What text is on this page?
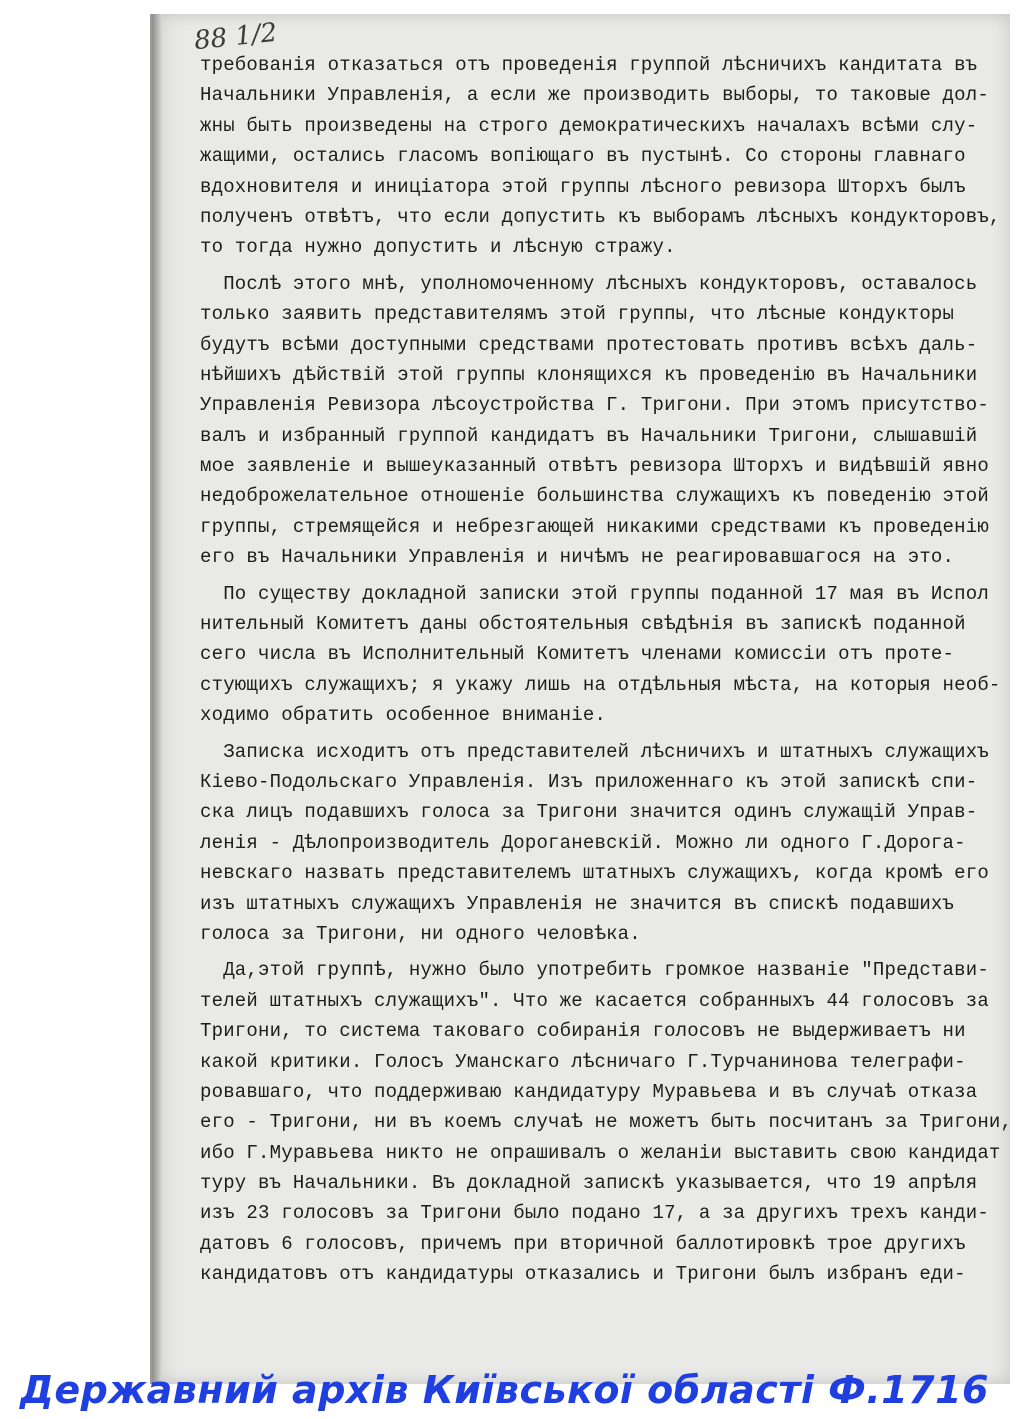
88 1/2
требованія отказаться отъ проведенія группой лѣсничихъ кандитата въ
Начальники Управленія, а если же производить выборы, то таковые дол-
жны быть произведены на строго демократическихъ началахъ всѣми слу-
жащими, остались гласомъ вопіющаго въ пустынѣ. Со стороны главнаго
вдохновителя и иниціатора этой группы лѣсного ревизора Шторхъ былъ
полученъ отвѣтъ, что если допустить къ выборамъ лѣсныхъ кондукторовъ,
то тогда нужно допустить и лѣсную стражу.
Послѣ этого мнѣ, уполномоченному лѣсныхъ кондукторовъ, оставалось
только заявить представителямъ этой группы, что лѣсные кондукторы
будутъ всѣми доступными средствами протестовать противъ всѣхъ даль-
нѣйшихъ дѣйствій этой группы клонящихся къ проведенію въ Начальники
Управленія Ревизора лѣсоустройства Г. Тригони. При этомъ присутство-
валъ и избранный группой кандидатъ въ Начальники Тригони, слышавшій
мое заявленіе и вышеуказанный отвѣтъ ревизора Шторхъ и видѣвшій явно
недоброжелательное отношеніе большинства служащихъ къ поведенію этой
группы, стремящейся и небрезгающей никакими средствами къ проведенію
его въ Начальники Управленія и ничѣмъ не реагировавшагося на это.
По существу докладной записки этой группы поданной 17 мая въ Испол
нительный Комитетъ даны обстоятельныя свѣдѣнія въ запискѣ поданной
сего числа въ Исполнительный Комитетъ членами комиссіи отъ проте-
стующихъ служащихъ; я укажу лишь на отдѣльныя мѣста, на которыя необ-
ходимо обратить особенное вниманіе.
Записка исходитъ отъ представителей лѣсничихъ и штатныхъ служащихъ
Кіево-Подольскаго Управленія. Изъ приложеннаго къ этой запискѣ спи-
ска лицъ подавшихъ голоса за Тригони значится одинъ служащій Управ-
ленія - Дѣлопроизводитель Дороганевскій. Можно ли одного Г.Дорога-
невскаго назвать представителемъ штатныхъ служащихъ, когда кромѣ его
изъ штатныхъ служащихъ Управленія не значится въ спискѣ подавшихъ
голоса за Тригони, ни одного человѣка.
Да,этой группѣ, нужно было употребить громкое названіе "Представи-
телей штатныхъ служащихъ". Что же касается собранныхъ 44 голосовъ за
Тригони, то система таковаго собиранія голосовъ не выдерживаетъ ни
какой критики. Голосъ Уманскаго лѣсничаго Г.Турчанинова телеграфи-
ровавшаго, что поддерживаю кандидатуру Муравьева и въ случаѣ отказа
его - Тригони, ни въ коемъ случаѣ не можетъ быть посчитанъ за Тригони,
ибо Г.Муравьева никто не опрашивалъ о желаніи выставить свою кандидат
туру въ Начальники. Въ докладной запискѣ указывается, что 19 апрѣля
изъ 23 голосовъ за Тригони было подано 17, а за другихъ трехъ канди-
датовъ 6 голосовъ, причемъ при вторичной баллотировкѣ трое другихъ
кандидатовъ отъ кандидатуры отказались и Тригони былъ избранъ еди-
Державний архів Київської області Ф.1716
